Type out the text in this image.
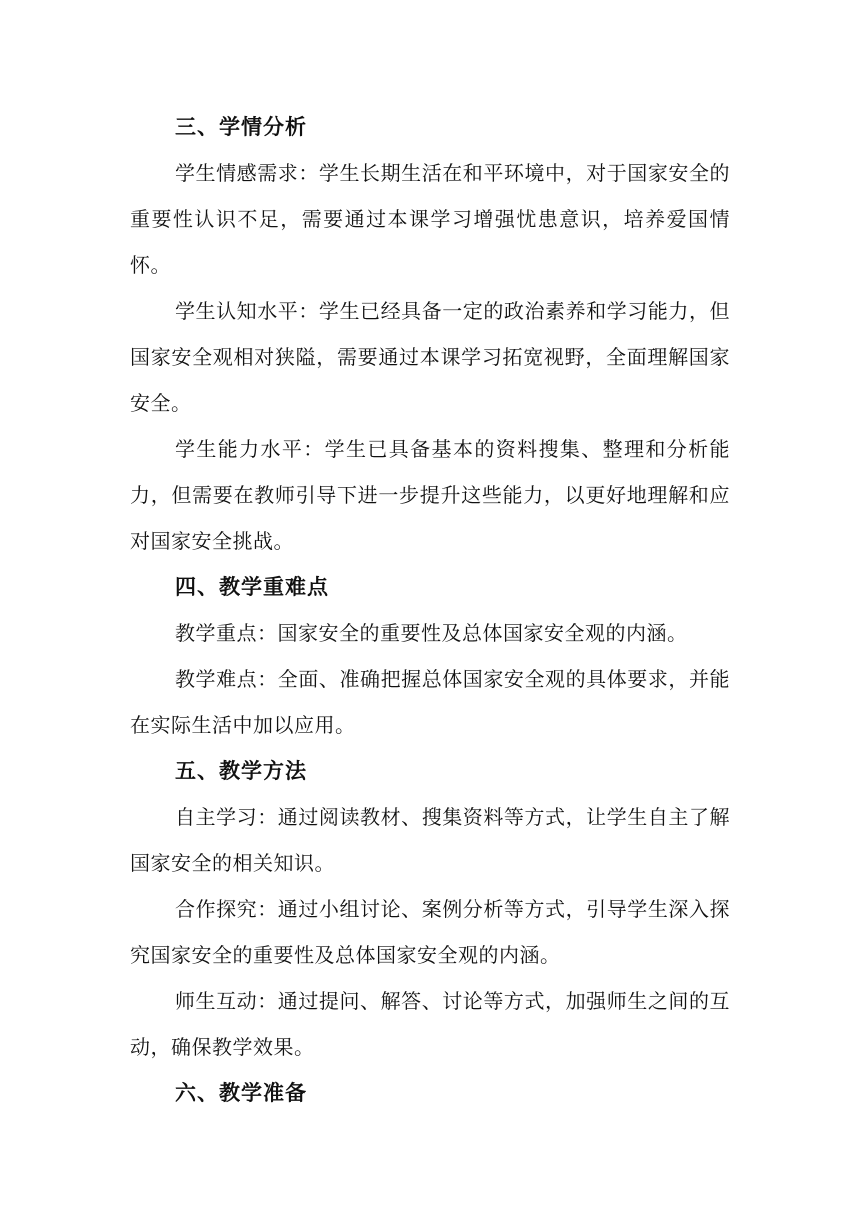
三、学情分析

学生情感需求：学生长期生活在和平环境中，对于国家安全的重要性认识不足，需要通过本课学习增强忧患意识，培养爱国情怀。

学生认知水平：学生已经具备一定的政治素养和学习能力，但国家安全观相对狭隘，需要通过本课学习拓宽视野，全面理解国家安全。

学生能力水平：学生已具备基本的资料搜集、整理和分析能力，但需要在教师引导下进一步提升这些能力，以更好地理解和应对国家安全挑战。

四、教学重难点

教学重点：国家安全的重要性及总体国家安全观的内涵。

教学难点：全面、准确把握总体国家安全观的具体要求，并能在实际生活中加以应用。

五、教学方法

自主学习：通过阅读教材、搜集资料等方式，让学生自主了解国家安全的相关知识。

合作探究：通过小组讨论、案例分析等方式，引导学生深入探究国家安全的重要性及总体国家安全观的内涵。

师生互动：通过提问、解答、讨论等方式，加强师生之间的互动，确保教学效果。

六、教学准备
